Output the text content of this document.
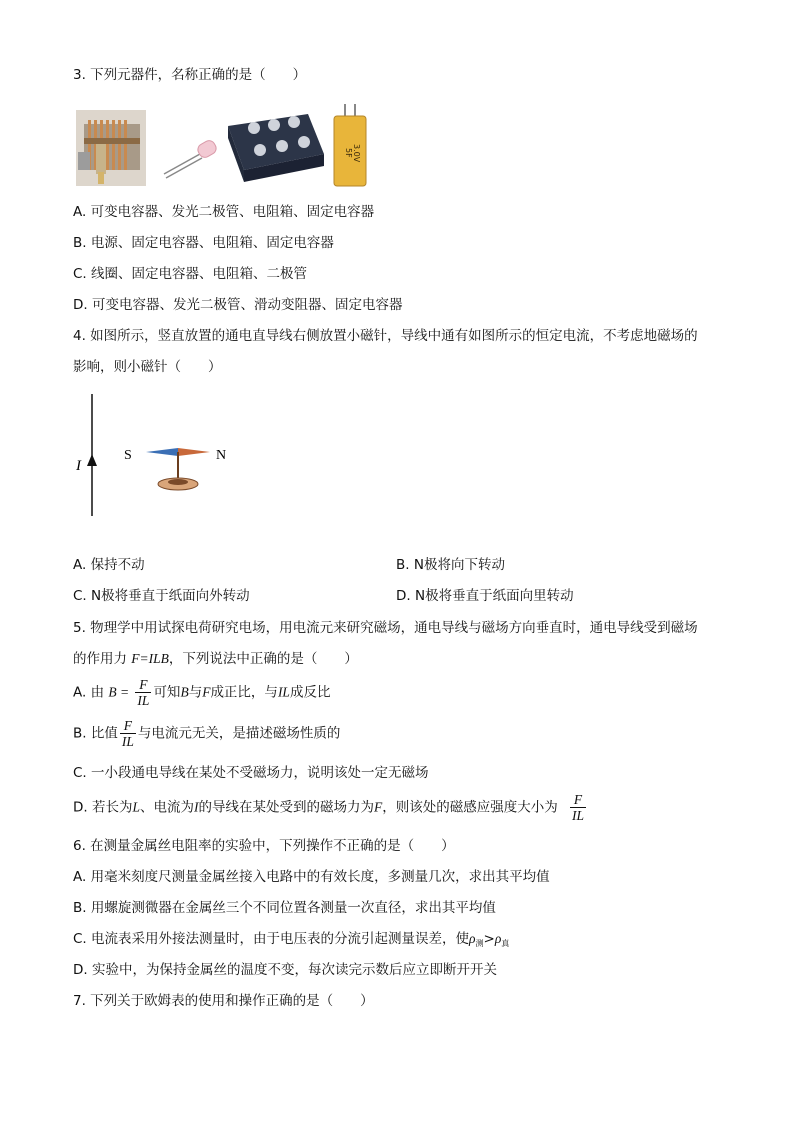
3. 下列元器件，名称正确的是（　　）
3.0V
5F
A. 可变电容器、发光二极管、电阻箱、固定电容器
B. 电源、固定电容器、电阻箱、固定电容器
C. 线圈、固定电容器、电阻箱、二极管
D. 可变电容器、发光二极管、滑动变阻器、固定电容器
4. 如图所示，竖直放置的通电直导线右侧放置小磁针，导线中通有如图所示的恒定电流，不考虑地磁场的
影响，则小磁针（　　）
I
S	N
A. 保持不动	B. N极将向下转动
C. N极将垂直于纸面向外转动	D. N极将垂直于纸面向里转动
5. 物理学中用试探电荷研究电场，用电流元来研究磁场，通电导线与磁场方向垂直时，通电导线受到磁场
的作用力 F=ILB，下列说法中正确的是（　　）
A. 由 $B = \frac{F}{IL}$ 可知B与F成正比，与IL成反比
B. 比值 $\frac{F}{IL}$ 与电流元无关，是描述磁场性质的
C. 一小段通电导线在某处不受磁场力，说明该处一定无磁场
D. 若长为L、电流为I的导线在某处受到的磁场力为F，则该处的磁感应强度大小为 $\frac{F}{IL}$
6. 在测量金属丝电阻率的实验中，下列操作不正确的是（　　）
A. 用毫米刻度尺测量金属丝接入电路中的有效长度，多测量几次，求出其平均值
B. 用螺旋测微器在金属丝三个不同位置各测量一次直径，求出其平均值
C. 电流表采用外接法测量时，由于电压表的分流引起测量误差，使$\rho_测>\rho_真$
D. 实验中，为保持金属丝的温度不变，每次读完示数后应立即断开开关
7. 下列关于欧姆表的使用和操作正确的是（　　）
